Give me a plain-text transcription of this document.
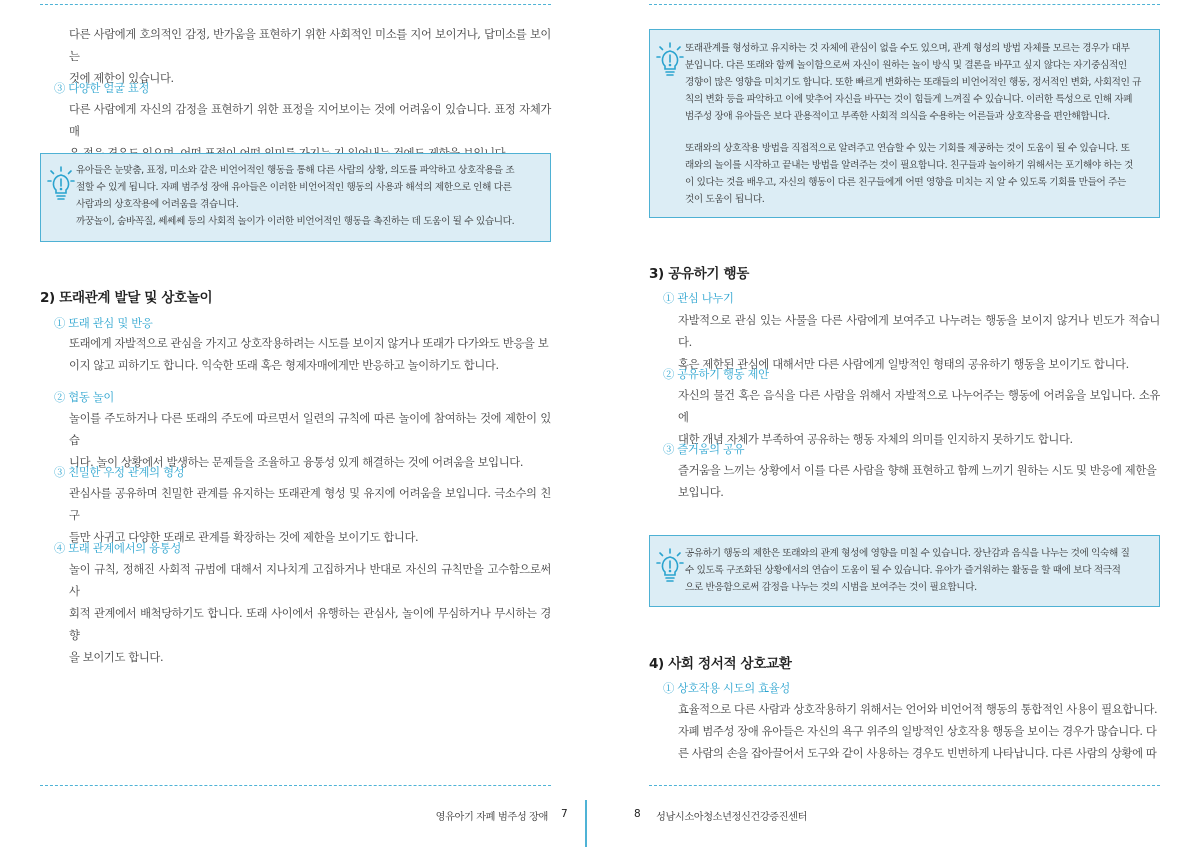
다른 사람에게 호의적인 감정, 반가움을 표현하기 위한 사회적인 미소를 지어 보이거나, 답미소를 보이는
것에 제한이 있습니다.
③ 다양한 얼굴 표정
다른 사람에게 자신의 감정을 표현하기 위한 표정을 지어보이는 것에 어려움이 있습니다. 표정 자체가 매

유아들은 눈맞춤, 표정, 미소와 같은 비언어적인 행동을 통해 다른 사람의 상황, 의도를 파악하고 상호작용을 조

절할 수 있게 됩니다. 자폐 범주성 장애 유아들은 이러한 비언어적인 행동의 사용과 해석의 제한으로 인해 다른

사람과의 상호작용에 어려움을 겪습니다.

까꿍놀이, 숨바꼭질, 쎄쎄쎄 등의 사회적 놀이가 이러한 비언어적인 행동을 촉진하는 데 도움이 될 수 있습니다.

2) 또래관계 발달 및 상호놀이
① 또래 관심 및 반응
또래에게 자발적으로 관심을 가지고 상호작용하려는 시도를 보이지 않거나 또래가 다가와도 반응을 보
이지 않고 피하기도 합니다. 익숙한 또래 혹은 형제자매에게만 반응하고 놀이하기도 합니다.
② 협동 놀이
놀이를 주도하거나 다른 또래의 주도에 따르면서 일련의 규칙에 따른 놀이에 참여하는 것에 제한이 있습
니다. 놀이 상황에서 발생하는 문제들을 조율하고 융통성 있게 해결하는 것에 어려움을 보입니다.
③ 친밀한 우정 관계의 형성
관심사를 공유하며 친밀한 관계를 유지하는 또래관계 형성 및 유지에 어려움을 보입니다. 극소수의 친구
들만 사귀고 다양한 또래로 관계를 확장하는 것에 제한을 보이기도 합니다.
④ 또래 관계에서의 융통성
놀이 규칙, 정해진 사회적 규범에 대해서 지나치게 고집하거나 반대로 자신의 규칙만을 고수함으로써 사
회적 관계에서 배척당하기도 합니다. 또래 사이에서 유행하는 관심사, 놀이에 무심하거나 무시하는 경향
을 보이기도 합니다.
영유아기 자폐 범주성 장애 7

또래관계를 형성하고 유지하는 것 자체에 관심이 없을 수도 있으며, 관계 형성의 방법 자체를 모르는 경우가 대부

분입니다. 다른 또래와 함께 놀이함으로써 자신이 원하는 놀이 방식 및 결론을 바꾸고 싶지 않다는 자기중심적인

경향이 많은 영향을 미치기도 합니다. 또한 빠르게 변화하는 또래들의 비언어적인 행동, 정서적인 변화, 사회적인 규

칙의 변화 등을 파악하고 이에 맞추어 자신을 바꾸는 것이 힘들게 느껴질 수 있습니다. 이러한 특성으로 인해 자폐

범주성 장애 유아들은 보다 관용적이고 부족한 사회적 의식을 수용하는 어른들과 상호작용을 편안해합니다.

또래와의 상호작용 방법을 직접적으로 알려주고 연습할 수 있는 기회를 제공하는 것이 도움이 될 수 있습니다. 또

래와의 놀이를 시작하고 끝내는 방법을 알려주는 것이 필요합니다. 친구들과 놀이하기 위해서는 포기해야 하는 것

이 있다는 것을 배우고, 자신의 행동이 다른 친구들에게 어떤 영향을 미치는 지 알 수 있도록 기회를 만들어 주는

것이 도움이 됩니다.

3) 공유하기 행동
① 관심 나누기
자발적으로 관심 있는 사물을 다른 사람에게 보여주고 나누려는 행동을 보이지 않거나 빈도가 적습니다.
혹은 제한된 관심에 대해서만 다른 사람에게 일방적인 형태의 공유하기 행동을 보이기도 합니다.
② 공유하기 행동 제안
자신의 물건 혹은 음식을 다른 사람을 위해서 자발적으로 나누어주는 행동에 어려움을 보입니다. 소유에
대한 개념 자체가 부족하여 공유하는 행동 자체의 의미를 인지하지 못하기도 합니다.
③ 즐거움의 공유
즐거움을 느끼는 상황에서 이를 다른 사람을 향해 표현하고 함께 느끼기 원하는 시도 및 반응에 제한을
보입니다.

공유하기 행동의 제한은 또래와의 관계 형성에 영향을 미칠 수 있습니다. 장난감과 음식을 나누는 것에 익숙해 질

수 있도록 구조화된 상황에서의 연습이 도움이 될 수 있습니다. 유아가 즐거워하는 활동을 할 때에 보다 적극적

으로 반응함으로써 감정을 나누는 것의 시범을 보여주는 것이 필요합니다.

4) 사회 정서적 상호교환
① 상호작용 시도의 효율성
효율적으로 다른 사람과 상호작용하기 위해서는 언어와 비언어적 행동의 통합적인 사용이 필요합니다.
자폐 범주성 장애 유아들은 자신의 욕구 위주의 일방적인 상호작용 행동을 보이는 경우가 많습니다. 다
른 사람의 손을 잡아끌어서 도구와 같이 사용하는 경우도 빈번하게 나타납니다. 다른 사람의 상황에 따
8 성남시소아청소년정신건강증진센터
